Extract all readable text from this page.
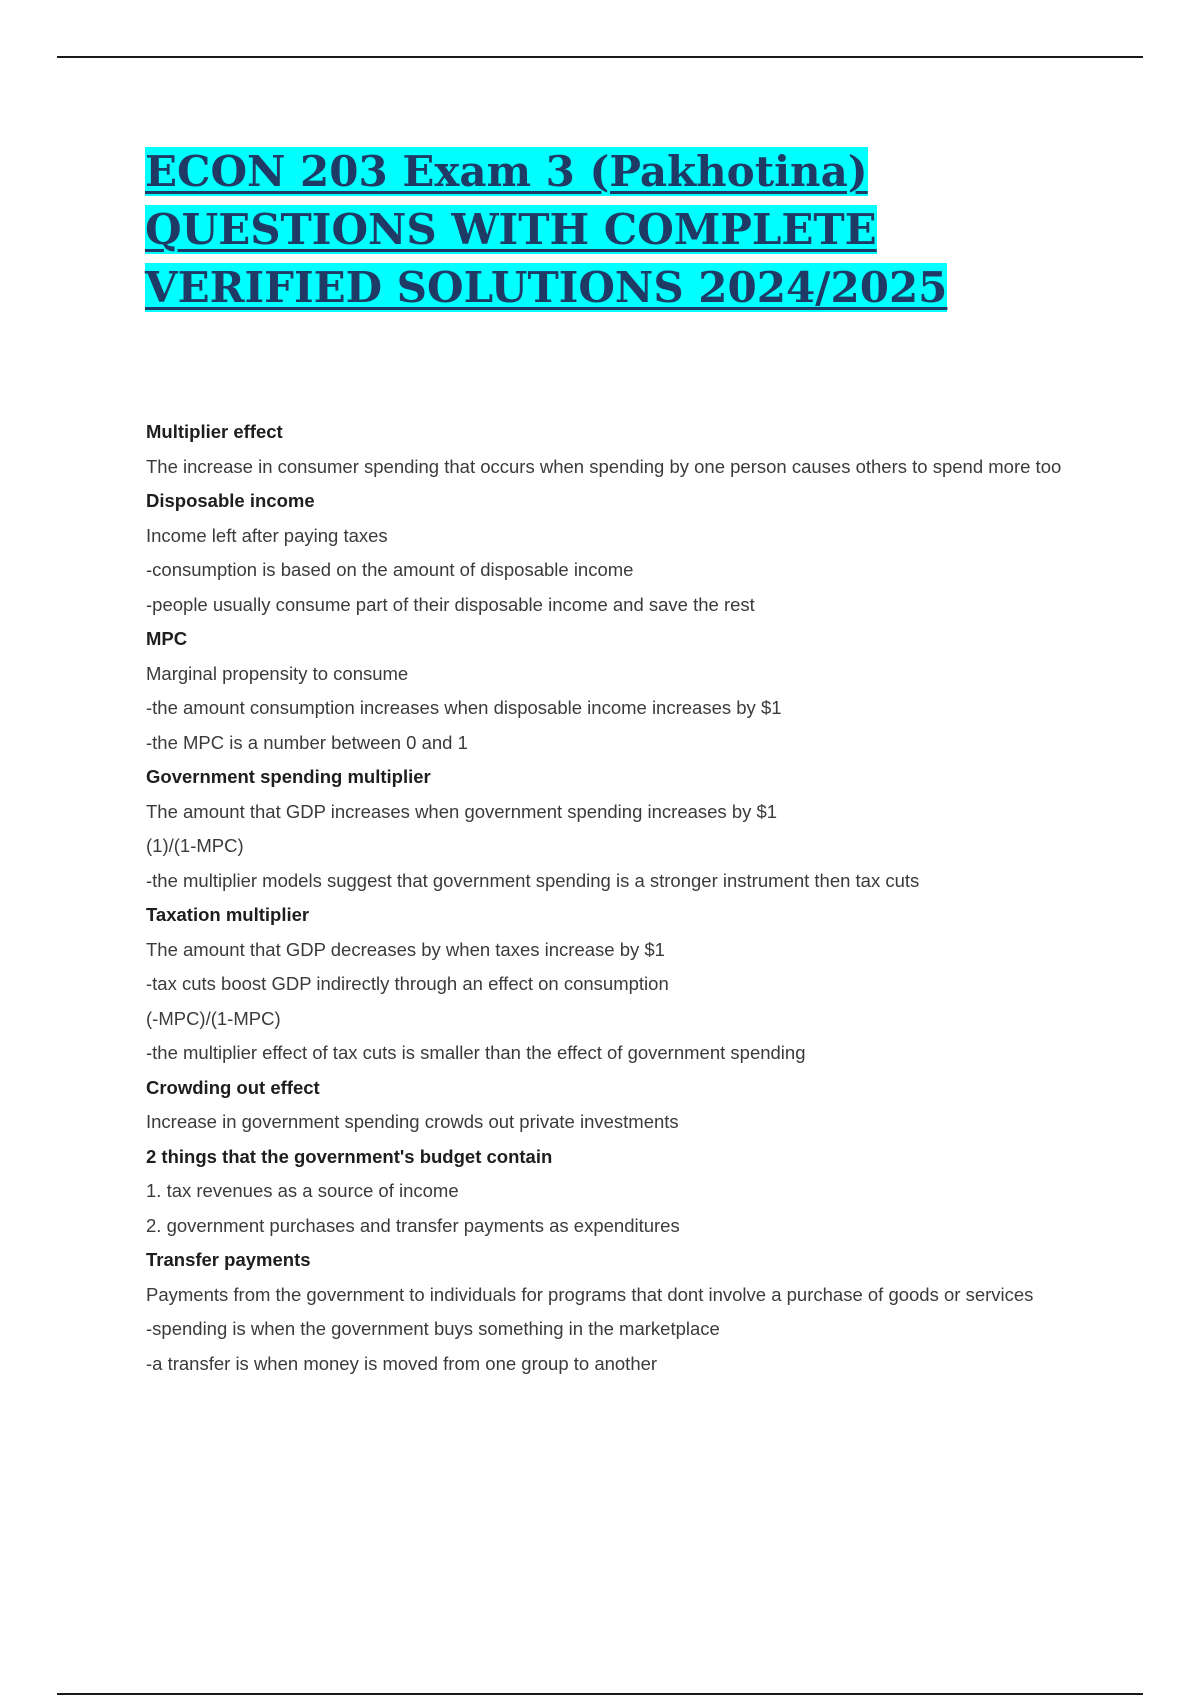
ECON 203 Exam 3 (Pakhotina) QUESTIONS WITH COMPLETE VERIFIED SOLUTIONS 2024/2025
Multiplier effect
The increase in consumer spending that occurs when spending by one person causes others to spend more too
Disposable income
Income left after paying taxes
-consumption is based on the amount of disposable income
-people usually consume part of their disposable income and save the rest
MPC
Marginal propensity to consume
-the amount consumption increases when disposable income increases by $1
-the MPC is a number between 0 and 1
Government spending multiplier
The amount that GDP increases when government spending increases by $1
(1)/(1-MPC)
-the multiplier models suggest that government spending is a stronger instrument then tax cuts
Taxation multiplier
The amount that GDP decreases by when taxes increase by $1
-tax cuts boost GDP indirectly through an effect on consumption
(-MPC)/(1-MPC)
-the multiplier effect of tax cuts is smaller than the effect of government spending
Crowding out effect
Increase in government spending crowds out private investments
2 things that the government's budget contain
1. tax revenues as a source of income
2. government purchases and transfer payments as expenditures
Transfer payments
Payments from the government to individuals for programs that dont involve a purchase of goods or services
-spending is when the government buys something in the marketplace
-a transfer is when money is moved from one group to another
